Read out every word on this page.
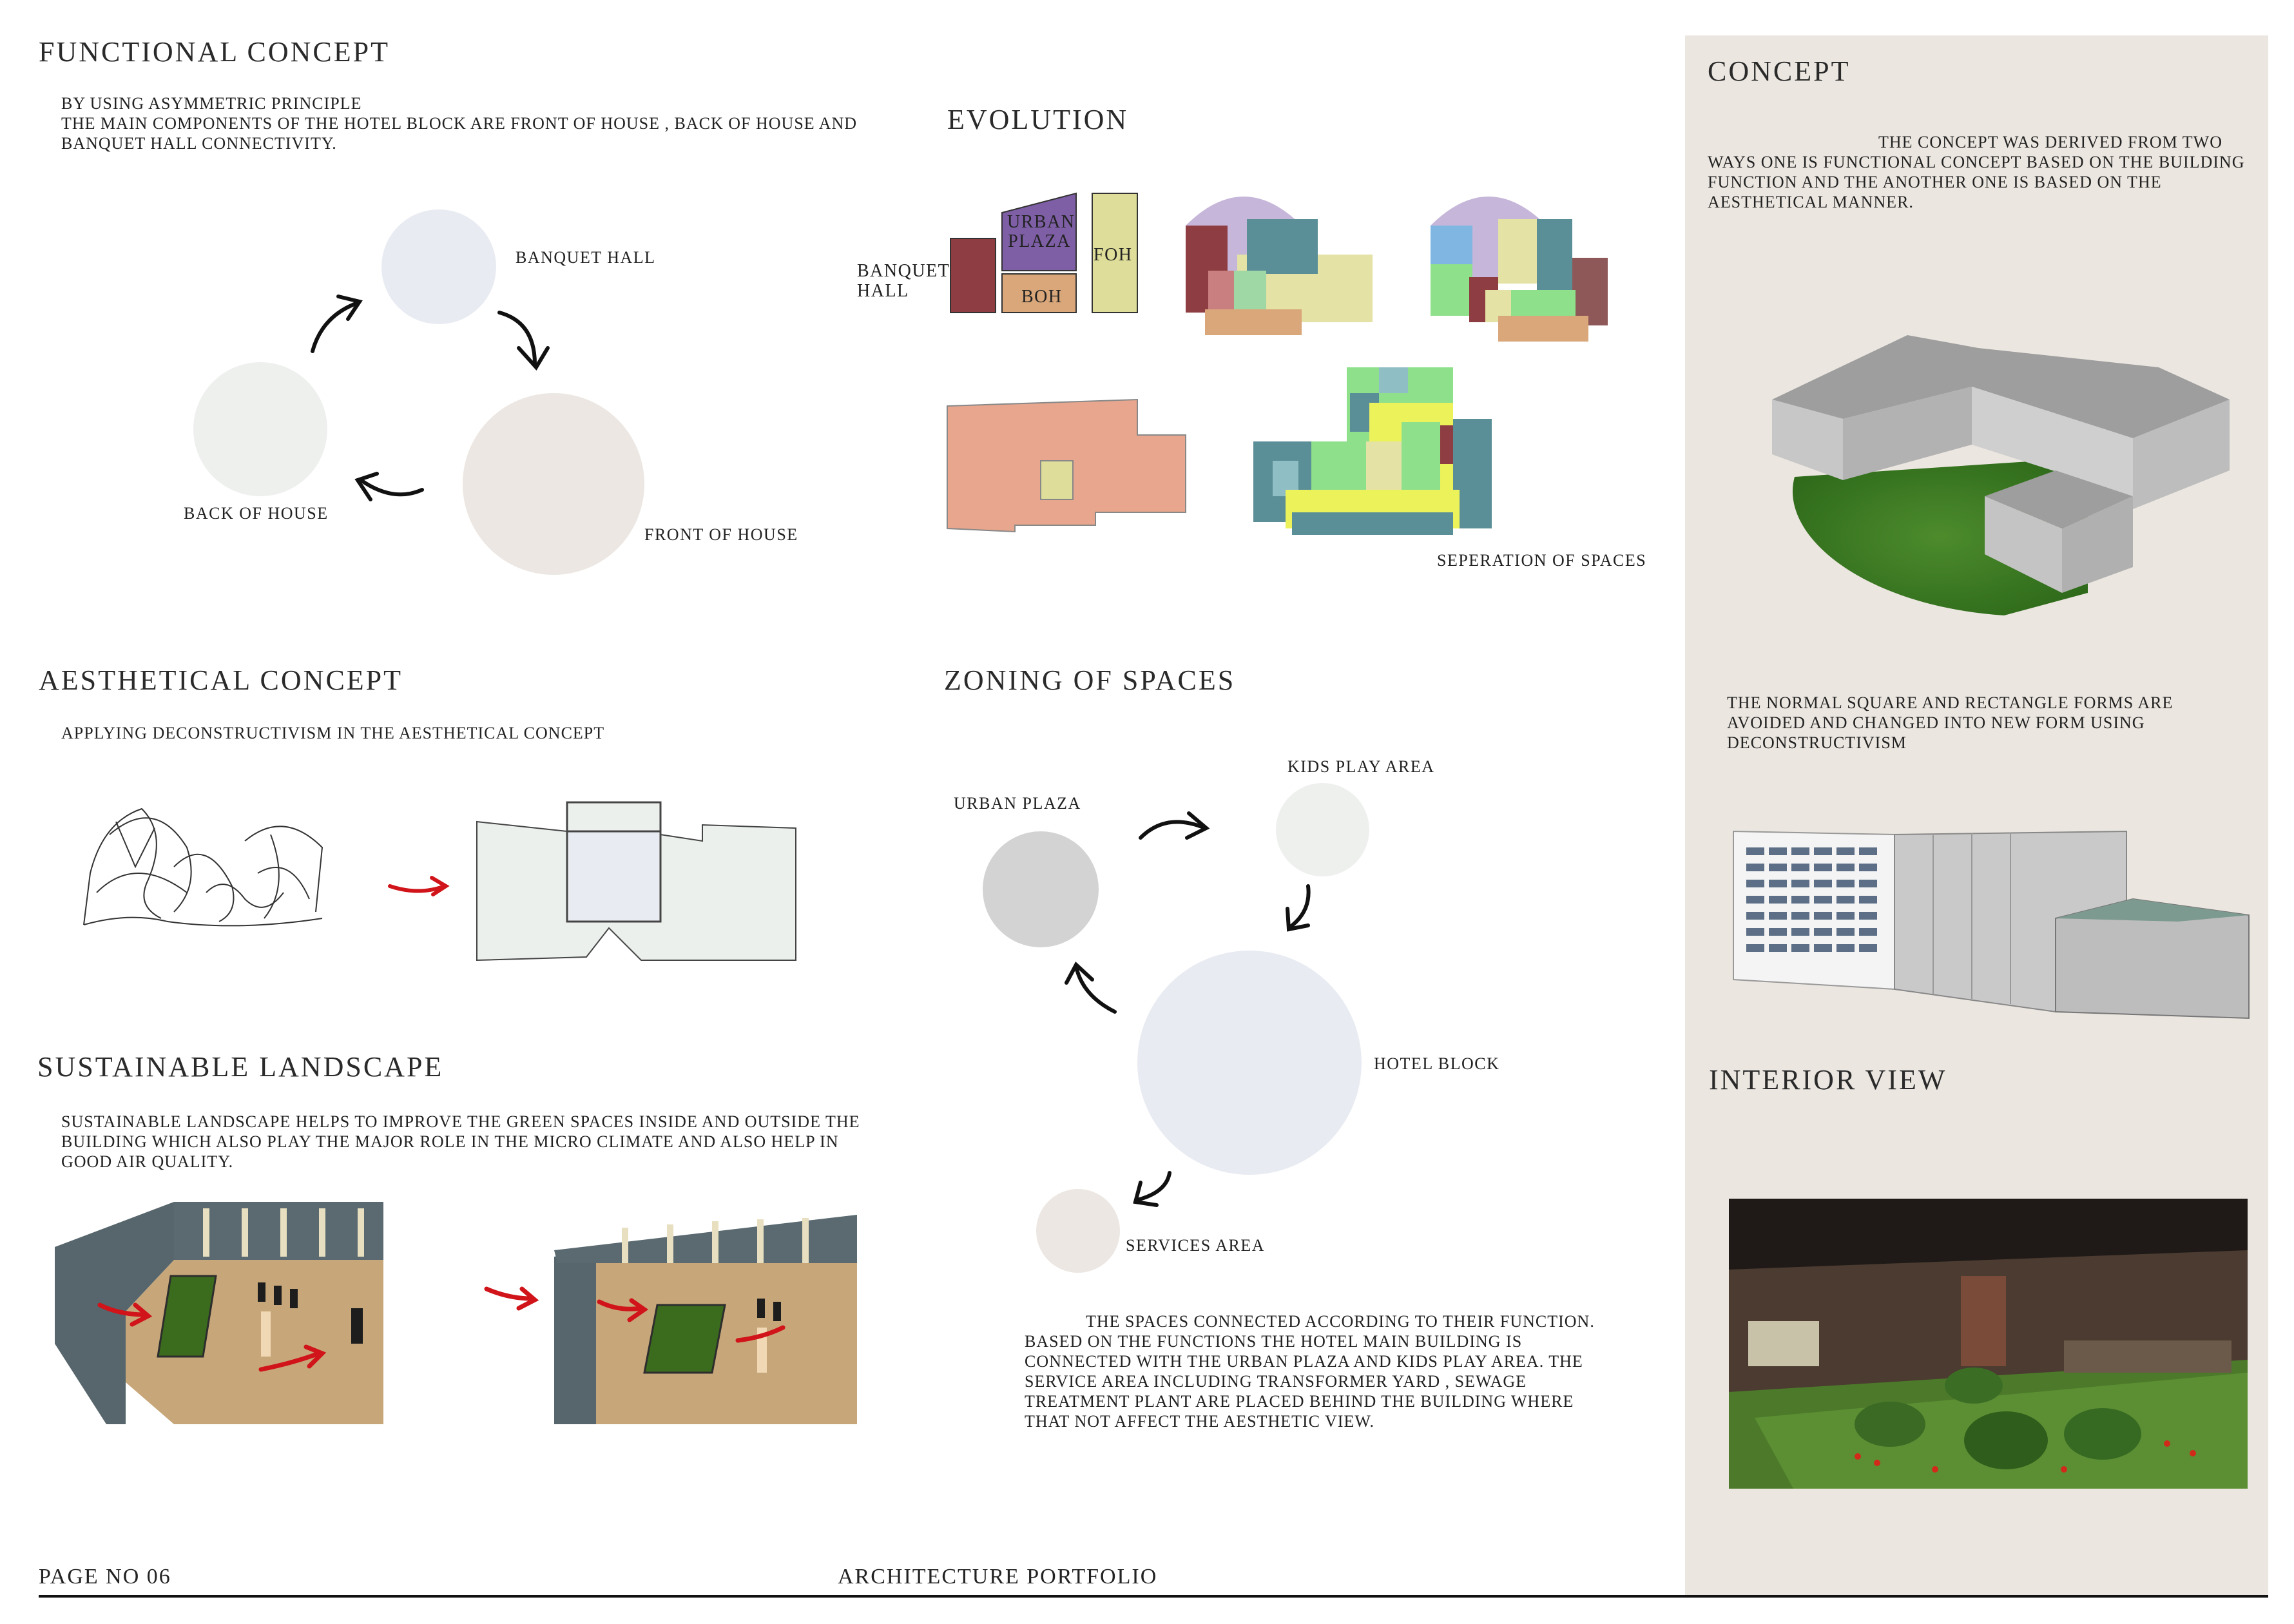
CONCEPT
THE CONCEPT WAS DERIVED FROM TWO WAYS ONE IS FUNCTIONAL CONCEPT BASED ON THE BUILDING FUNCTION AND THE ANOTHER ONE IS BASED ON THE AESTHETICAL MANNER.
THE NORMAL SQUARE AND RECTANGLE FORMS ARE AVOIDED AND CHANGED INTO NEW FORM USING DECONSTRUCTIVISM
INTERIOR VIEW
FUNCTIONAL CONCEPT
BY USING ASYMMETRIC PRINCIPLE
THE MAIN COMPONENTS OF THE HOTEL BLOCK ARE FRONT OF HOUSE , BACK OF HOUSE AND BANQUET HALL CONNECTIVITY.
BANQUET HALL
BACK OF HOUSE
FRONT OF HOUSE
EVOLUTION
URBAN PLAZA
FOH
BOH
BANQUET HALL
SEPERATION OF SPACES
AESTHETICAL CONCEPT
APPLYING DECONSTRUCTIVISM IN THE AESTHETICAL CONCEPT
SUSTAINABLE LANDSCAPE
SUSTAINABLE LANDSCAPE HELPS TO IMPROVE THE GREEN SPACES INSIDE AND OUTSIDE THE BUILDING WHICH ALSO PLAY THE MAJOR ROLE IN THE MICRO CLIMATE AND ALSO HELP IN GOOD AIR QUALITY.
ZONING OF SPACES
URBAN PLAZA
KIDS PLAY AREA
HOTEL BLOCK
SERVICES AREA
THE SPACES CONNECTED ACCORDING TO THEIR FUNCTION. BASED ON THE FUNCTIONS THE HOTEL MAIN BUILDING IS CONNECTED WITH THE URBAN PLAZA AND KIDS PLAY AREA. THE SERVICE AREA INCLUDING TRANSFORMER YARD , SEWAGE TREATMENT PLANT ARE PLACED BEHIND THE BUILDING WHERE THAT NOT AFFECT THE AESTHETIC VIEW.
PAGE NO 06	ARCHITECTURE PORTFOLIO
